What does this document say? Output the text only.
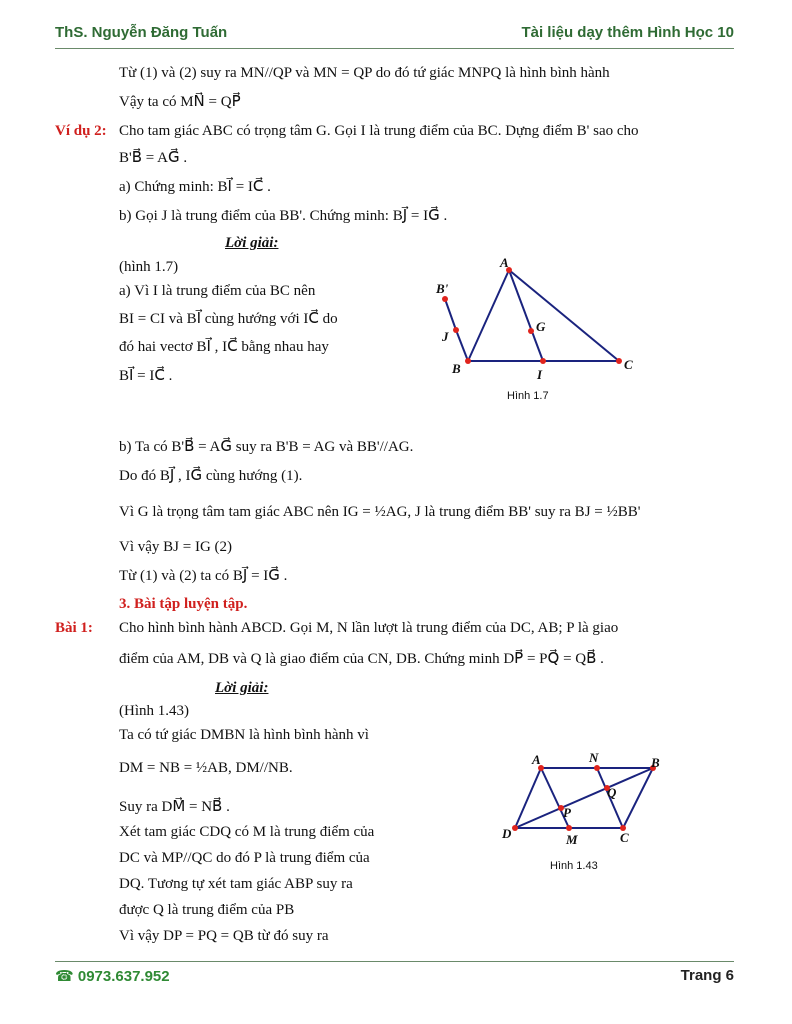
ThS. Nguyễn Đăng Tuấn	Tài liệu dạy thêm Hình Học 10
Từ (1) và (2) suy ra MN//QP và MN = QP do đó tứ giác MNPQ là hình bình hành
Vậy ta có MN⃗ = QP⃗
Ví dụ 2: Cho tam giác ABC có trọng tâm G. Gọi I là trung điểm của BC. Dựng điểm B' sao cho
B'B⃗ = AG⃗ .
a) Chứng minh: BI⃗ = IC⃗ .
b) Gọi J là trung điểm của BB'. Chứng minh: BJ⃗ = IG⃗ .
Lời giải:
(hình 1.7)
a) Vì I là trung điểm của BC nên
BI = CI và BI⃗ cùng hướng với IC⃗ do
đó hai vectơ BI⃗ , IC⃗ bằng nhau hay
BI⃗ = IC⃗ .
A
B'
J
G
B	I
C
Hình 1.7
b) Ta có B'B⃗ = AG⃗ suy ra B'B = AG và BB'//AG.
Do đó BJ⃗ , IG⃗ cùng hướng (1).
Vì G là trọng tâm tam giác ABC nên IG = ½AG, J là trung điểm BB' suy ra BJ = ½BB'
Vì vậy BJ = IG (2)
Từ (1) và (2) ta có BJ⃗ = IG⃗ .
3. Bài tập luyện tập.
Bài 1: Cho hình bình hành ABCD. Gọi M, N lần lượt là trung điểm của DC, AB; P là giao
điểm của AM, DB và Q là giao điểm của CN, DB. Chứng minh DP⃗ = PQ⃗ = QB⃗ .
Lời giải:
(Hình 1.43)
Ta có tứ giác DMBN là hình bình hành vì
DM = NB = ½AB, DM//NB.
Suy ra DM⃗ = NB⃗ .
Xét tam giác CDQ có M là trung điểm của
DC và MP//QC do đó P là trung điểm của
DQ. Tương tự xét tam giác ABP suy ra
được Q là trung điểm của PB
Vì vậy DP = PQ = QB từ đó suy ra
A	N	B
Q
P
D	M	C
Hình 1.43
☎ 0973.637.952	Trang 6
